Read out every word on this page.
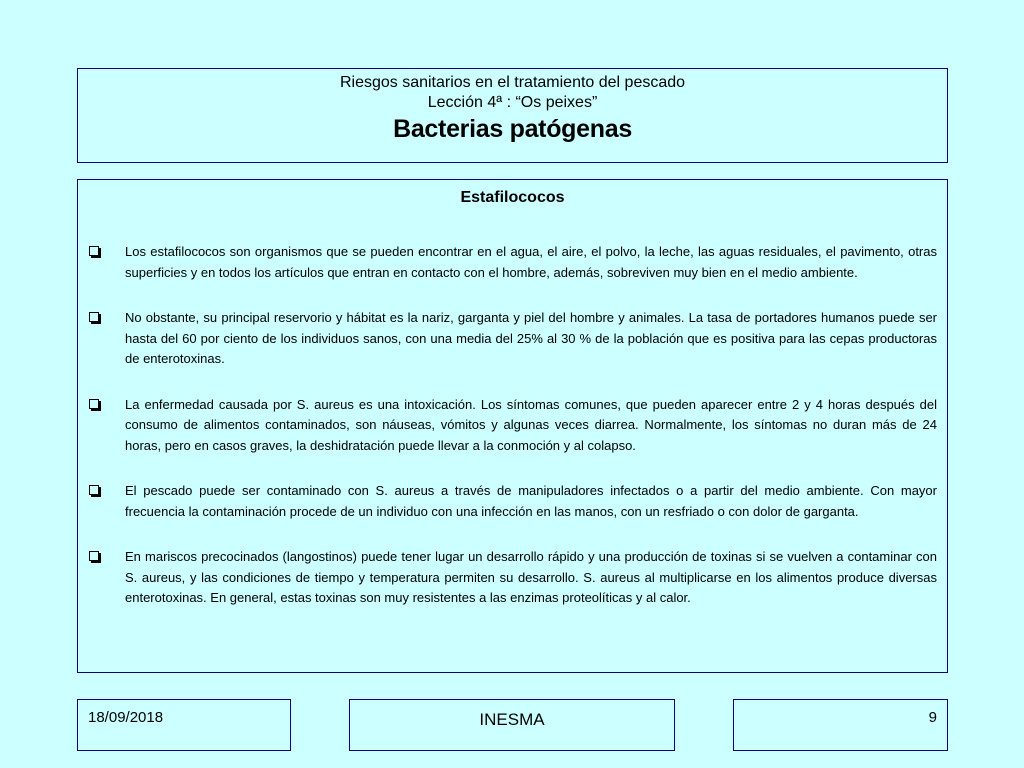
Riesgos sanitarios en el tratamiento del pescado
Lección 4ª : “Os peixes”
Bacterias patógenas
Estafilococos
Los estafilococos son organismos que se pueden encontrar en el agua, el aire, el polvo, la leche, las aguas residuales, el pavimento, otras superficies y en todos los artículos que entran en contacto con el hombre, además, sobreviven muy bien en el medio ambiente.
No obstante, su principal reservorio y hábitat es la nariz, garganta y piel del hombre y animales. La tasa de portadores humanos puede ser hasta del 60 por ciento de los individuos sanos, con una media del 25% al 30 % de la población que es positiva para las cepas productoras de enterotoxinas.
La enfermedad causada por S. aureus es una intoxicación. Los síntomas comunes, que pueden aparecer entre 2 y 4 horas después del consumo de alimentos contaminados, son náuseas, vómitos y algunas veces diarrea. Normalmente, los síntomas no duran más de 24 horas, pero en casos graves, la deshidratación puede llevar a la conmoción y al colapso.
El pescado puede ser contaminado con S. aureus a través de manipuladores infectados o a partir del medio ambiente. Con mayor frecuencia la contaminación procede de un individuo con una infección en las manos, con un resfriado o con dolor de garganta.
En mariscos precocinados (langostinos) puede tener lugar un desarrollo rápido y una producción de toxinas si se vuelven a contaminar con S. aureus, y las condiciones de tiempo y temperatura permiten su desarrollo. S. aureus al multiplicarse en los alimentos produce diversas enterotoxinas. En general, estas toxinas son muy resistentes a las enzimas proteolíticas y al calor.
18/09/2018	INESMA	9
